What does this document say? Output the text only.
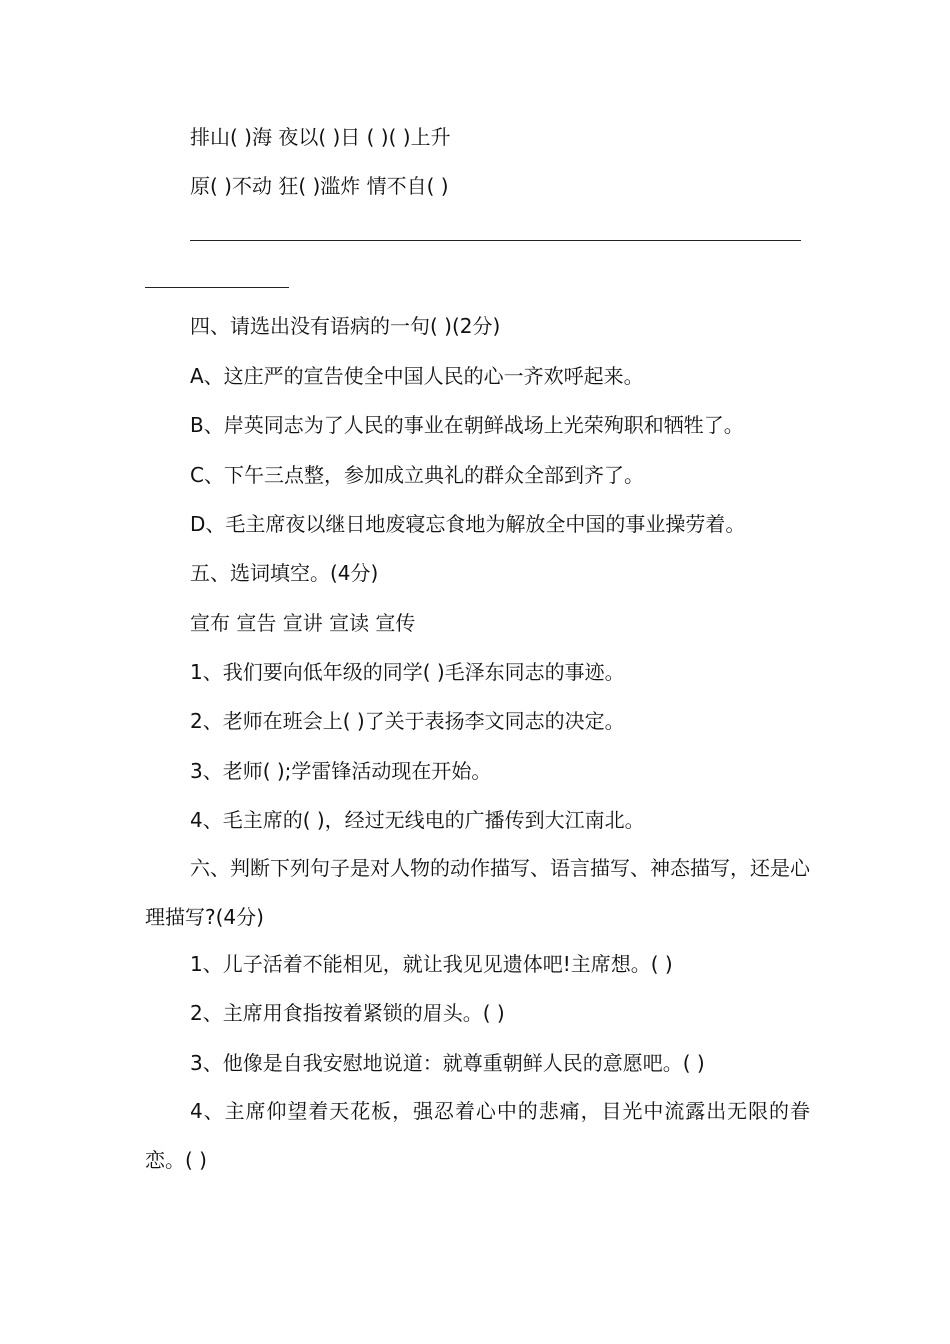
排山( )海 夜以( )日 ( )( )上升
原( )不动 狂( )滥炸 情不自( )
四、请选出没有语病的一句( )(2分)
A、这庄严的宣告使全中国人民的心一齐欢呼起来。
B、岸英同志为了人民的事业在朝鲜战场上光荣殉职和牺牲了。
C、下午三点整，参加成立典礼的群众全部到齐了。
D、毛主席夜以继日地废寝忘食地为解放全中国的事业操劳着。
五、选词填空。(4分)
宣布 宣告 宣讲 宣读 宣传
1、我们要向低年级的同学( )毛泽东同志的事迹。
2、老师在班会上( )了关于表扬李文同志的决定。
3、老师( );学雷锋活动现在开始。
4、毛主席的( )，经过无线电的广播传到大江南北。
六、判断下列句子是对人物的动作描写、语言描写、神态描写，还是心理描写?(4分)
1、儿子活着不能相见，就让我见见遗体吧!主席想。( )
2、主席用食指按着紧锁的眉头。( )
3、他像是自我安慰地说道：就尊重朝鲜人民的意愿吧。( )
4、主席仰望着天花板，强忍着心中的悲痛，目光中流露出无限的眷恋。( )
